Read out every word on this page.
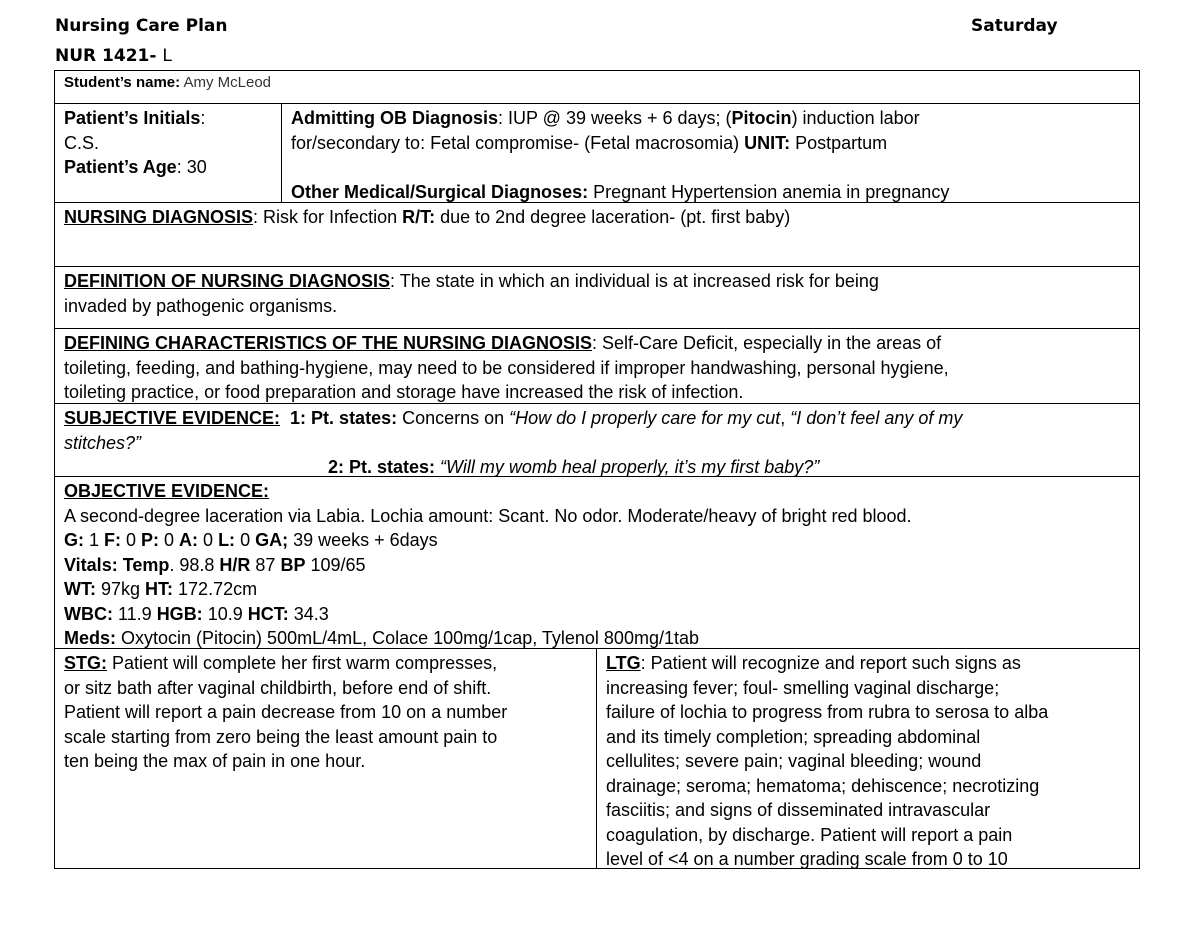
Nursing Care Plan
NUR 1421- L
Saturday
Student’s name: Amy McLeod

Patient’s Initials:

C.S.

Patient’s Age: 30

Admitting OB Diagnosis: IUP @ 39 weeks + 6 days; (Pitocin) induction labor

for/secondary to: Fetal compromise- (Fetal macrosomia) UNIT: Postpartum

Other Medical/Surgical Diagnoses: Pregnant Hypertension anemia in pregnancy

NURSING DIAGNOSIS: Risk for Infection R/T: due to 2nd degree laceration- (pt. first baby)

DEFINITION OF NURSING DIAGNOSIS: The state in which an individual is at increased risk for being

invaded by pathogenic organisms.

DEFINING CHARACTERISTICS OF THE NURSING DIAGNOSIS: Self-Care Deficit, especially in the areas of

toileting, feeding, and bathing-hygiene, may need to be considered if improper handwashing, personal hygiene,

toileting practice, or food preparation and storage have increased the risk of infection.

SUBJECTIVE EVIDENCE:  1: Pt. states: Concerns on “How do I properly care for my cut, “I don’t feel any of my

stitches?”

2: Pt. states: “Will my womb heal properly, it’s my first baby?”

OBJECTIVE EVIDENCE:

A second-degree laceration via Labia. Lochia amount: Scant. No odor. Moderate/heavy of bright red blood.

G: 1 F: 0 P: 0 A: 0 L: 0 GA; 39 weeks + 6days

Vitals: Temp. 98.8 H/R 87 BP 109/65

WT: 97kg HT: 172.72cm

WBC: 11.9 HGB: 10.9 HCT: 34.3

Meds: Oxytocin (Pitocin) 500mL/4mL, Colace 100mg/1cap, Tylenol 800mg/1tab

STG: Patient will complete her first warm compresses,

or sitz bath after vaginal childbirth, before end of shift.

Patient will report a pain decrease from 10 on a number

scale starting from zero being the least amount pain to

ten being the max of pain in one hour.

LTG: Patient will recognize and report such signs as

increasing fever; foul- smelling vaginal discharge;

failure of lochia to progress from rubra to serosa to alba

and its timely completion; spreading abdominal

cellulites; severe pain; vaginal bleeding; wound

drainage; seroma; hematoma; dehiscence; necrotizing

fasciitis; and signs of disseminated intravascular

coagulation, by discharge. Patient will report a pain

level of <4 on a number grading scale from 0 to 10
